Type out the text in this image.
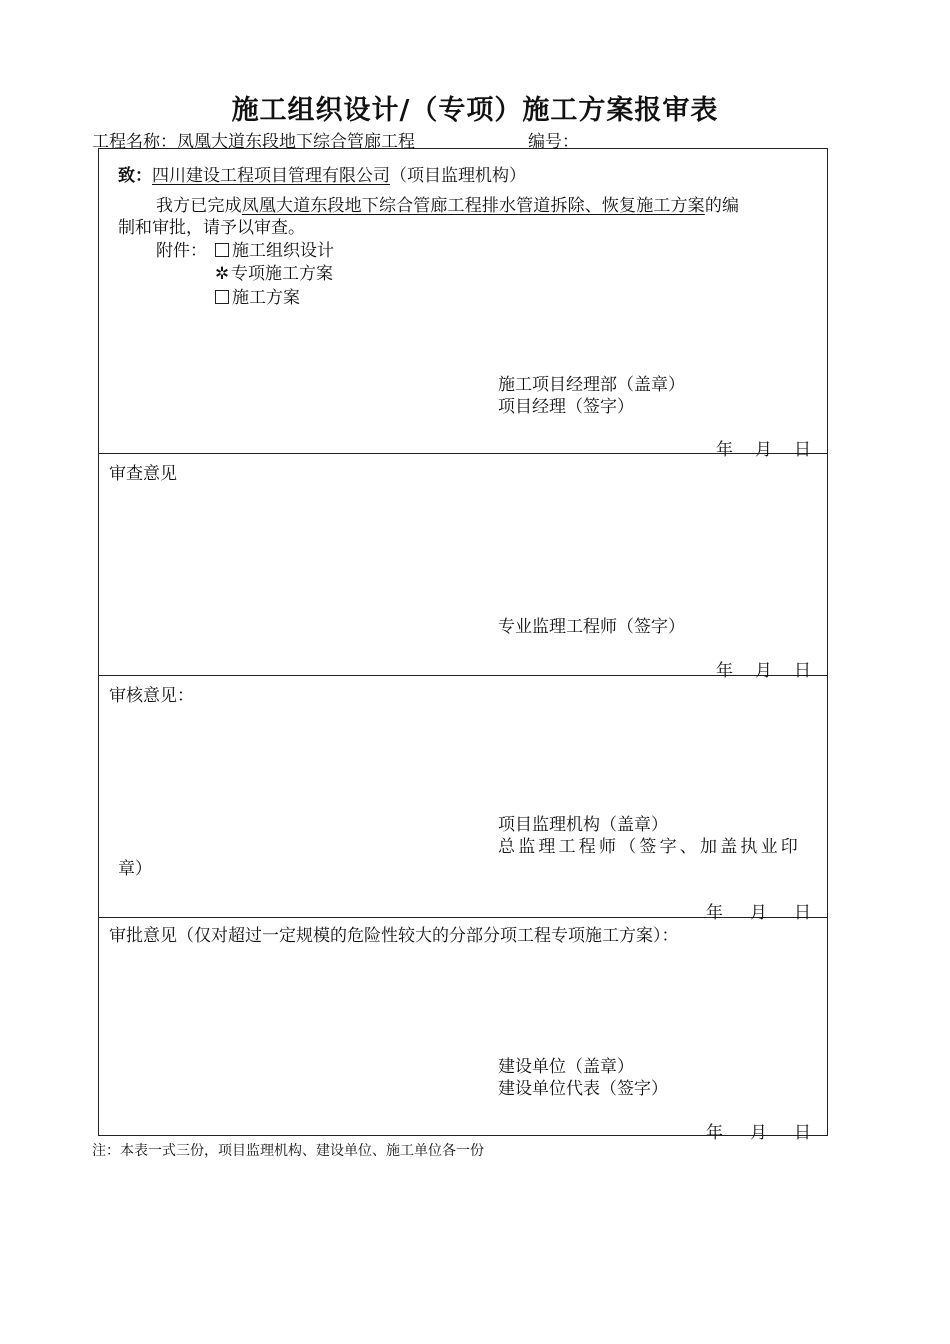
施工组织设计/（专项）施工方案报审表
工程名称：凤凰大道东段地下综合管廊工程	编号：
致：四川建设工程项目管理有限公司（项目监理机构）
我方已完成凤凰大道东段地下综合管廊工程排水管道拆除、恢复施工方案的编
制和审批，请予以审查。
附件：	施工组织设计
✲ 专项施工方案
施工方案
施工项目经理部（盖章）
项目经理（签字）
年 月 日
审查意见
专业监理工程师（签字）
年 月 日
审核意见：
项目监理机构（盖章）
总监理工程师（签字、加盖执业印
章）
年 月 日
审批意见（仅对超过一定规模的危险性较大的分部分项工程专项施工方案）：
建设单位（盖章）
建设单位代表（签字）
年 月 日
注：本表一式三份，项目监理机构、建设单位、施工单位各一份
